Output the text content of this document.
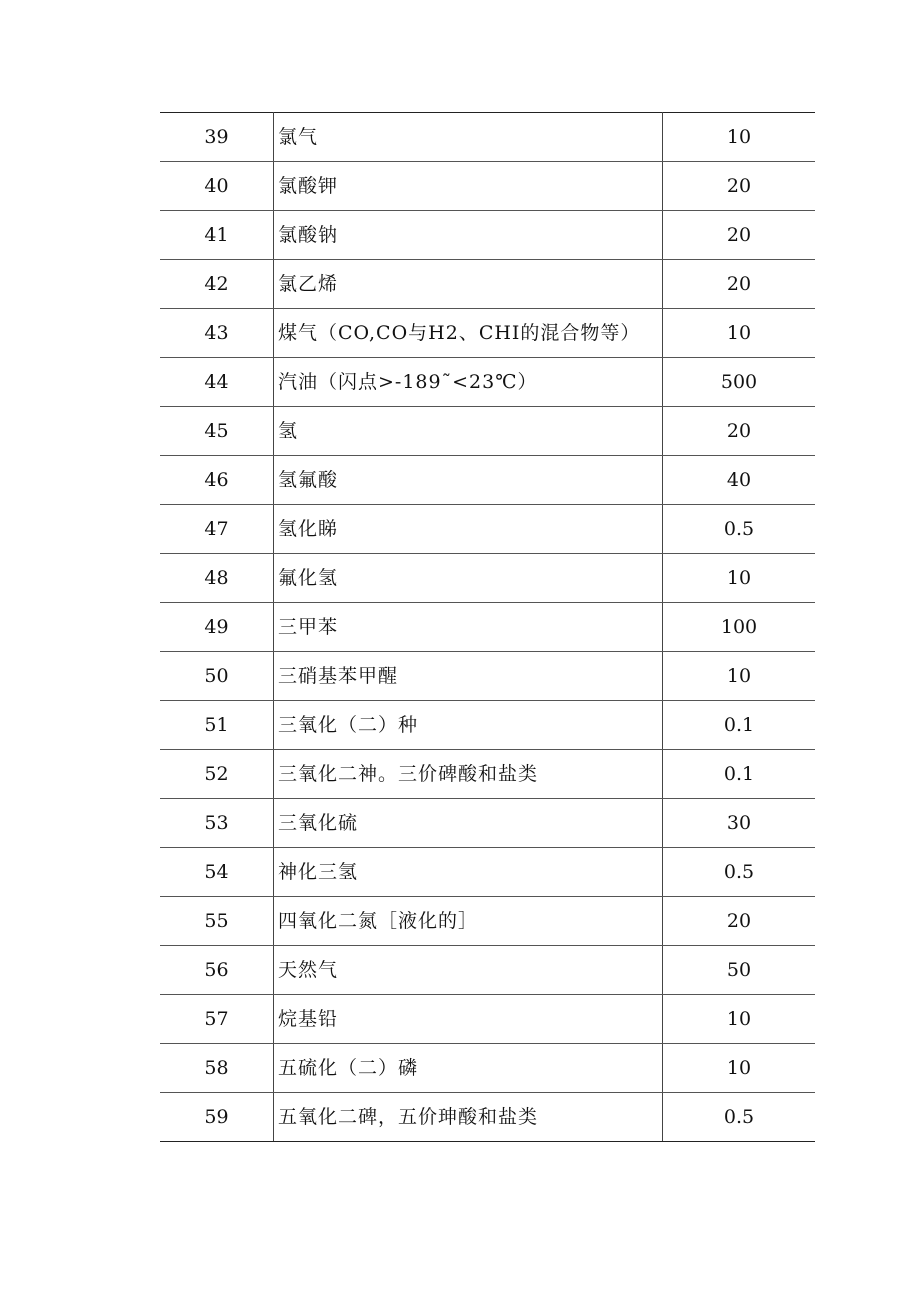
39	氯气	10
40	氯酸钾	20
41	氯酸钠	20
42	氯乙烯	20
43	煤气（CO,CO与H2、CHI的混合物等）	10
44	汽油（闪点>-189˜<23℃）	500
45	氢	20
46	氢氟酸	40
47	氢化睇	0.5
48	氟化氢	10
49	三甲苯	100
50	三硝基苯甲醒	10
51	三氧化（二）种	0.1
52	三氧化二神。三价碑酸和盐类	0.1
53	三氧化硫	30
54	神化三氢	0.5
55	四氧化二氮［液化的］	20
56	天然气	50
57	烷基铅	10
58	五硫化（二）磷	10
59	五氧化二碑，五价珅酸和盐类	0.5
